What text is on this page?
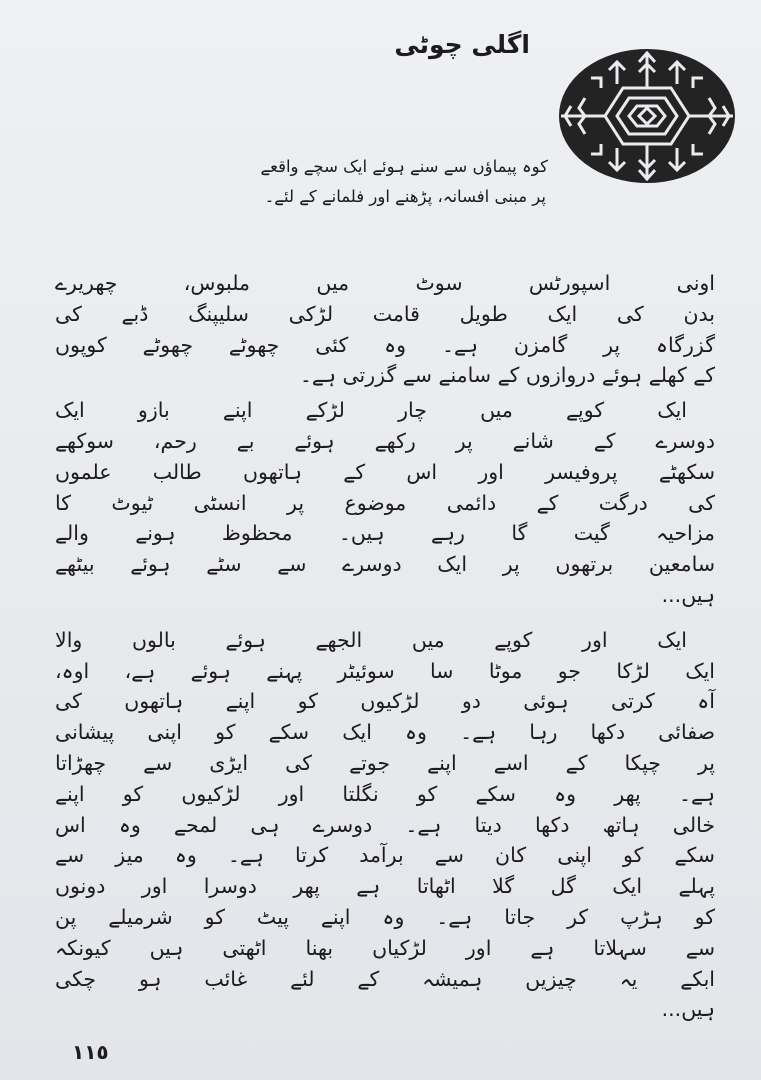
اگلی چوٹی

کوہ پیماؤں سے سنے ہوئے ایک سچے واقعے

پر مبنی افسانہ، پڑھنے اور فلمانے کے لئے۔

اونی اسپورٹس سوٹ میں ملبوس، چھریرے
بدن کی ایک طویل قامت لڑکی سلیپنگ ڈبے کی
گزرگاہ پر گامزن ہے۔ وہ کئی چھوٹے چھوٹے کوپوں
کے کھلے ہوئے دروازوں کے سامنے سے گزرتی ہے۔

ایک کوپے میں چار لڑکے اپنے بازو ایک
دوسرے کے شانے پر رکھے ہوئے بے رحم، سوکھے
سکھٹے پروفیسر اور اس کے ہاتھوں طالب علموں
کی درگت کے دائمی موضوع پر انسٹی ٹیوٹ کا
مزاحیہ گیت گا رہے ہیں۔ محظوظ ہونے والے
سامعین برتھوں پر ایک دوسرے سے سٹے ہوئے بیٹھے
ہیں...

ایک اور کوپے میں الجھے ہوئے بالوں والا
ایک لڑکا جو موٹا سا سوئیٹر پہنے ہوئے ہے، اوہ،
آہ کرتی ہوئی دو لڑکیوں کو اپنے ہاتھوں کی
صفائی دکھا رہا ہے۔ وہ ایک سکے کو اپنی پیشانی
پر چپکا کے اسے اپنے جوتے کی ایڑی سے چھڑاتا
ہے۔ پھر وہ سکے کو نگلتا اور لڑکیوں کو اپنے
خالی ہاتھ دکھا دیتا ہے۔ دوسرے ہی لمحے وہ اس
سکے کو اپنی کان سے برآمد کرتا ہے۔ وہ میز سے
پہلے ایک گل گلا اٹھاتا ہے پھر دوسرا اور دونوں
کو ہڑپ کر جاتا ہے۔ وہ اپنے پیٹ کو شرمیلے پن
سے سہلاتا ہے اور لڑکیاں بھنا اٹھتی ہیں کیونکہ
ابکے یہ چیزیں ہمیشہ کے لئے غائب ہو چکی
ہیں...

١١٥
